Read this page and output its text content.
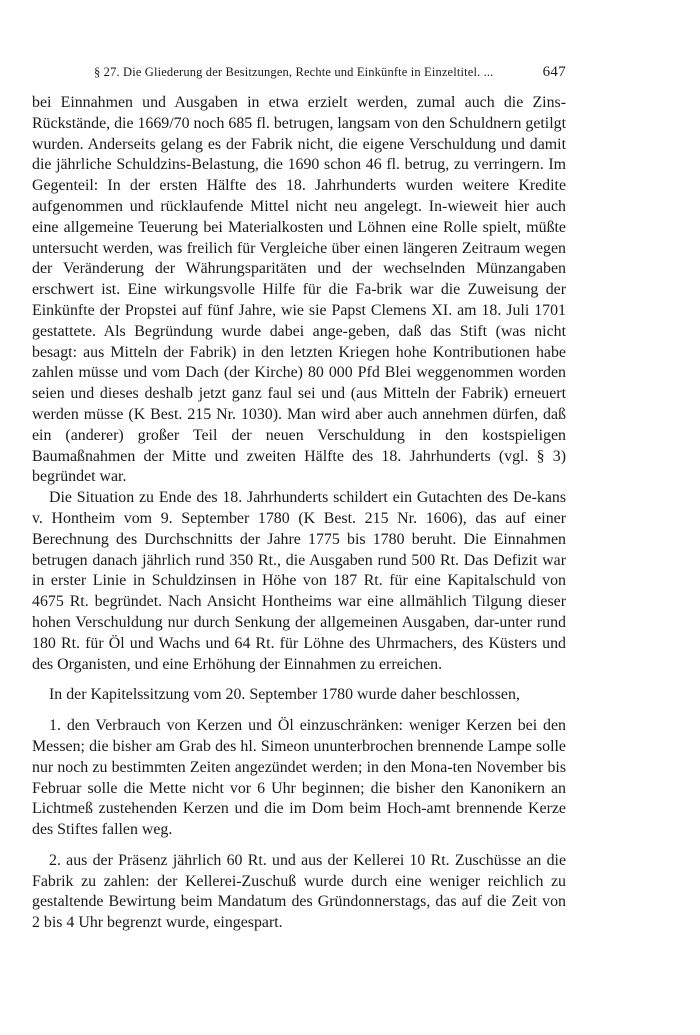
§ 27. Die Gliederung der Besitzungen, Rechte und Einkünfte in Einzeltitel. ...	647

bei Einnahmen und Ausgaben in etwa erzielt werden, zumal auch die Zins-Rückstände, die 1669/70 noch 685 fl. betrugen, langsam von den Schuldnern getilgt wurden. Anderseits gelang es der Fabrik nicht, die eigene Verschuldung und damit die jährliche Schuldzins-Belastung, die 1690 schon 46 fl. betrug, zu verringern. Im Gegenteil: In der ersten Hälfte des 18. Jahrhunderts wurden weitere Kredite aufgenommen und rücklaufende Mittel nicht neu angelegt. In-wieweit hier auch eine allgemeine Teuerung bei Materialkosten und Löhnen eine Rolle spielt, müßte untersucht werden, was freilich für Vergleiche über einen längeren Zeitraum wegen der Veränderung der Währungsparitäten und der wechselnden Münzangaben erschwert ist. Eine wirkungsvolle Hilfe für die Fa-brik war die Zuweisung der Einkünfte der Propstei auf fünf Jahre, wie sie Papst Clemens XI. am 18. Juli 1701 gestattete. Als Begründung wurde dabei ange-geben, daß das Stift (was nicht besagt: aus Mitteln der Fabrik) in den letzten Kriegen hohe Kontributionen habe zahlen müsse und vom Dach (der Kirche) 80 000 Pfd Blei weggenommen worden seien und dieses deshalb jetzt ganz faul sei und (aus Mitteln der Fabrik) erneuert werden müsse (K Best. 215 Nr. 1030). Man wird aber auch annehmen dürfen, daß ein (anderer) großer Teil der neuen Verschuldung in den kostspieligen Baumaßnahmen der Mitte und zweiten Hälfte des 18. Jahrhunderts (vgl. § 3) begründet war.

Die Situation zu Ende des 18. Jahrhunderts schildert ein Gutachten des De-kans v. Hontheim vom 9. September 1780 (K Best. 215 Nr. 1606), das auf einer Berechnung des Durchschnitts der Jahre 1775 bis 1780 beruht. Die Einnahmen betrugen danach jährlich rund 350 Rt., die Ausgaben rund 500 Rt. Das Defizit war in erster Linie in Schuldzinsen in Höhe von 187 Rt. für eine Kapitalschuld von 4675 Rt. begründet. Nach Ansicht Hontheims war eine allmählich Tilgung dieser hohen Verschuldung nur durch Senkung der allgemeinen Ausgaben, dar-unter rund 180 Rt. für Öl und Wachs und 64 Rt. für Löhne des Uhrmachers, des Küsters und des Organisten, und eine Erhöhung der Einnahmen zu erreichen.

In der Kapitelssitzung vom 20. September 1780 wurde daher beschlossen,

1. den Verbrauch von Kerzen und Öl einzuschränken: weniger Kerzen bei den Messen; die bisher am Grab des hl. Simeon ununterbrochen brennende Lampe solle nur noch zu bestimmten Zeiten angezündet werden; in den Mona-ten November bis Februar solle die Mette nicht vor 6 Uhr beginnen; die bisher den Kanonikern an Lichtmeß zustehenden Kerzen und die im Dom beim Hoch-amt brennende Kerze des Stiftes fallen weg.

2. aus der Präsenz jährlich 60 Rt. und aus der Kellerei 10 Rt. Zuschüsse an die Fabrik zu zahlen: der Kellerei-Zuschuß wurde durch eine weniger reichlich zu gestaltende Bewirtung beim Mandatum des Gründonnerstags, das auf die Zeit von 2 bis 4 Uhr begrenzt wurde, eingespart.
